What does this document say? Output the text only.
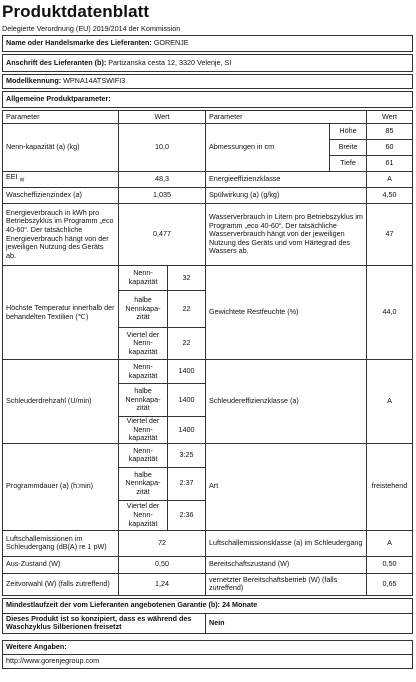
Produktdatenblatt
Delegierte Verordnung (EU) 2019/2014 der Kommission
Name oder Handelsmarke des Lieferanten: GORENJE					

Anschrift des Lieferanten (b): Partizanska cesta 12, 3320 Velenje, SI					

Modellkennung: WPNA14ATSWIFI3					

Allgemeine Produktparameter:					

Parameter	Wert		Parameter		Wert
Nenn-kapazität (a) (kg)	10,0		Abmessungen in cm	Höhe	85
				Breite	60
				Tiefe	61
EEI $_W$	48,3		Energieeffizienzklasse		A
Wascheffizienzindex (a)	1,035		Spülwirkung (a) (g/kg)		4,50
Energieverbrauch in kWh pro Betriebszyklus im Programm „eco 40-60“. Der tatsächliche Energieverbrauch hängt von der jeweiligen Nutzung des Geräts ab.	0,477		Wasserverbrauch in Litern pro Betriebszyklus im Programm „eco 40-60“. Der tatsächliche Wasserverbrauch hängt von der jeweiligen Nutzung des Geräts und vom Härtegrad des Wassers ab.		47
Höchste Temperatur innerhalb der behandelten Textilien (℃)	Nenn-kapazität	32	Gewichtete Restfeuchte (%)		44,0
	halbe Nennkapa-zität	22			
	Viertel der Nenn-kapazität	22			
Schleuderdrehzahl (U/min)	Nenn-kapazität	1400	Schleudereffizienzklasse (a)		A
	halbe Nennkapa-zität	1400			
	Viertel der Nenn-kapazität	1400			
Programmdauer (a) (h:min)	Nenn-kapazität	3:25	Art		freistehend
	halbe Nennkapa-zität	2:37			
	Viertel der Nenn-kapazität	2:36			
Luftschallemissionen im Schleudergang (dB(A) re 1 pW)	72		Luftschallemissionsklasse (a) im Schleudergang		A
Aus-Zustand (W)	0,50		Bereitschaftszustand (W)		0,50
Zeitvorwahl (W) (falls zutreffend)	1,24		vernetzter Bereitschaftsbetrieb (W) (falls zutreffend)		0,65

Mindestlaufzeit der vom Lieferanten angebotenen Garantie (b): 24 Monate					
Dieses Produkt ist so konzipiert, dass es während des Waschzyklus Silberionen freisetzt			Nein		

Weitere Angaben:					
http://www.gorenjegroup.com					
